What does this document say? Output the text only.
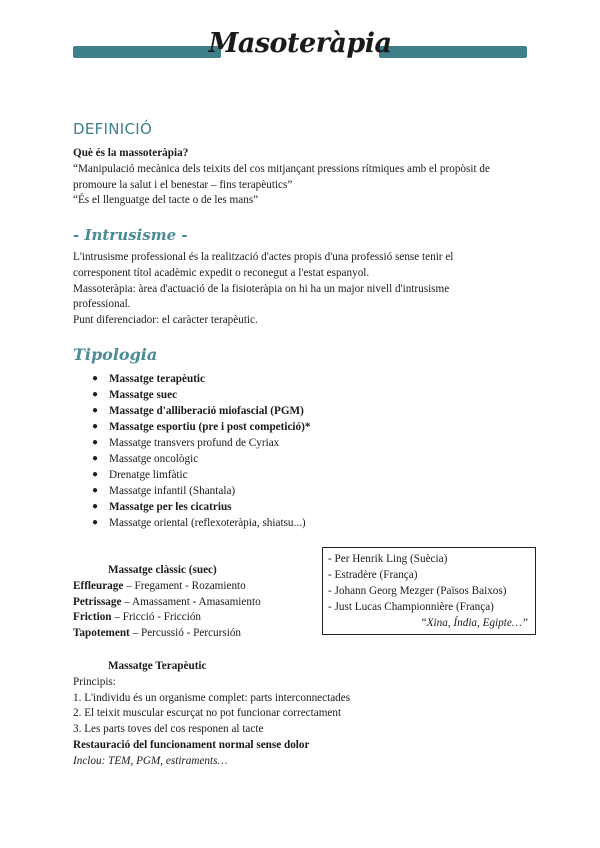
Masoteràpia
DEFINICIÓ
Què és la massoteràpia?
“Manipulació mecànica dels teixits del cos mitjançant pressions rítmiques amb el propòsit de
promoure la salut i el benestar – fins terapèutics”
“És el llenguatge del tacte o de les mans”
- Intrusisme -
L'intrusisme professional és la realització d'actes propis d'una professió sense tenir el
corresponent títol acadèmic expedit o reconegut a l'estat espanyol.
Massoteràpia: àrea d'actuació de la fisioteràpia on hi ha un major nivell d'intrusisme
professional.
Punt diferenciador: el caràcter terapèutic.
Tipologia
● Massatge terapèutic
● Massatge suec
● Massatge d'alliberació miofascial (PGM)
● Massatge esportiu (pre i post competició)*
● Massatge transvers profund de Cyriax
● Massatge oncològic
● Drenatge limfàtic
● Massatge infantil (Shantala)
● Massatge per les cicatrius
● Massatge oriental (reflexoteràpia, shiatsu...)
Massatge clàssic (suec)
Effleurage – Fregament - Rozamiento
Petrissage – Amassament - Amasamiento
Friction – Fricció - Fricción
Tapotement – Percussió - Percursión
- Per Henrik Ling (Suècia)
- Estradère (França)
- Johann Georg Mezger (Països Baixos)
- Just Lucas Championnière (França)
“Xina, Índia, Egipte…”
Massatge Terapèutic
Principis:
1. L'individu és un organisme complet: parts interconnectades
2. El teixit muscular escurçat no pot funcionar correctament
3. Les parts toves del cos responen al tacte
Restauració del funcionament normal sense dolor
Inclou: TEM, PGM, estiraments…
